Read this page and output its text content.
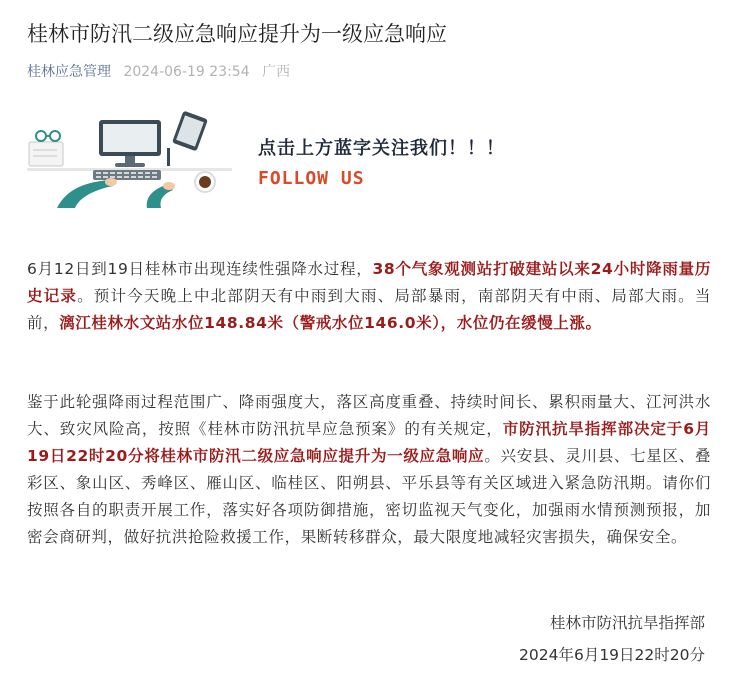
桂林市防汛二级应急响应提升为一级应急响应
桂林应急管理 2024-06-19 23:54 广西
点击上方蓝字关注我们！！！
FOLLOW US

6月12日到19日桂林市出现连续性强降水过程，38个气象观测站打破建站以来24小时降雨量历史记录。预计今天晚上中北部阴天有中雨到大雨、局部暴雨，南部阴天有中雨、局部大雨。当前，漓江桂林水文站水位148.84米（警戒水位146.0米），水位仍在缓慢上涨。

鉴于此轮强降雨过程范围广、降雨强度大，落区高度重叠、持续时间长、累积雨量大、江河洪水大、致灾风险高，按照《桂林市防汛抗旱应急预案》的有关规定，市防汛抗旱指挥部决定于6月19日22时20分将桂林市防汛二级应急响应提升为一级应急响应。兴安县、灵川县、七星区、叠彩区、象山区、秀峰区、雁山区、临桂区、阳朔县、平乐县等有关区域进入紧急防汛期。请你们按照各自的职责开展工作，落实好各项防御措施，密切监视天气变化，加强雨水情预测预报，加密会商研判，做好抗洪抢险救援工作，果断转移群众，最大限度地减轻灾害损失，确保安全。

桂林市防汛抗旱指挥部
2024年6月19日22时20分
